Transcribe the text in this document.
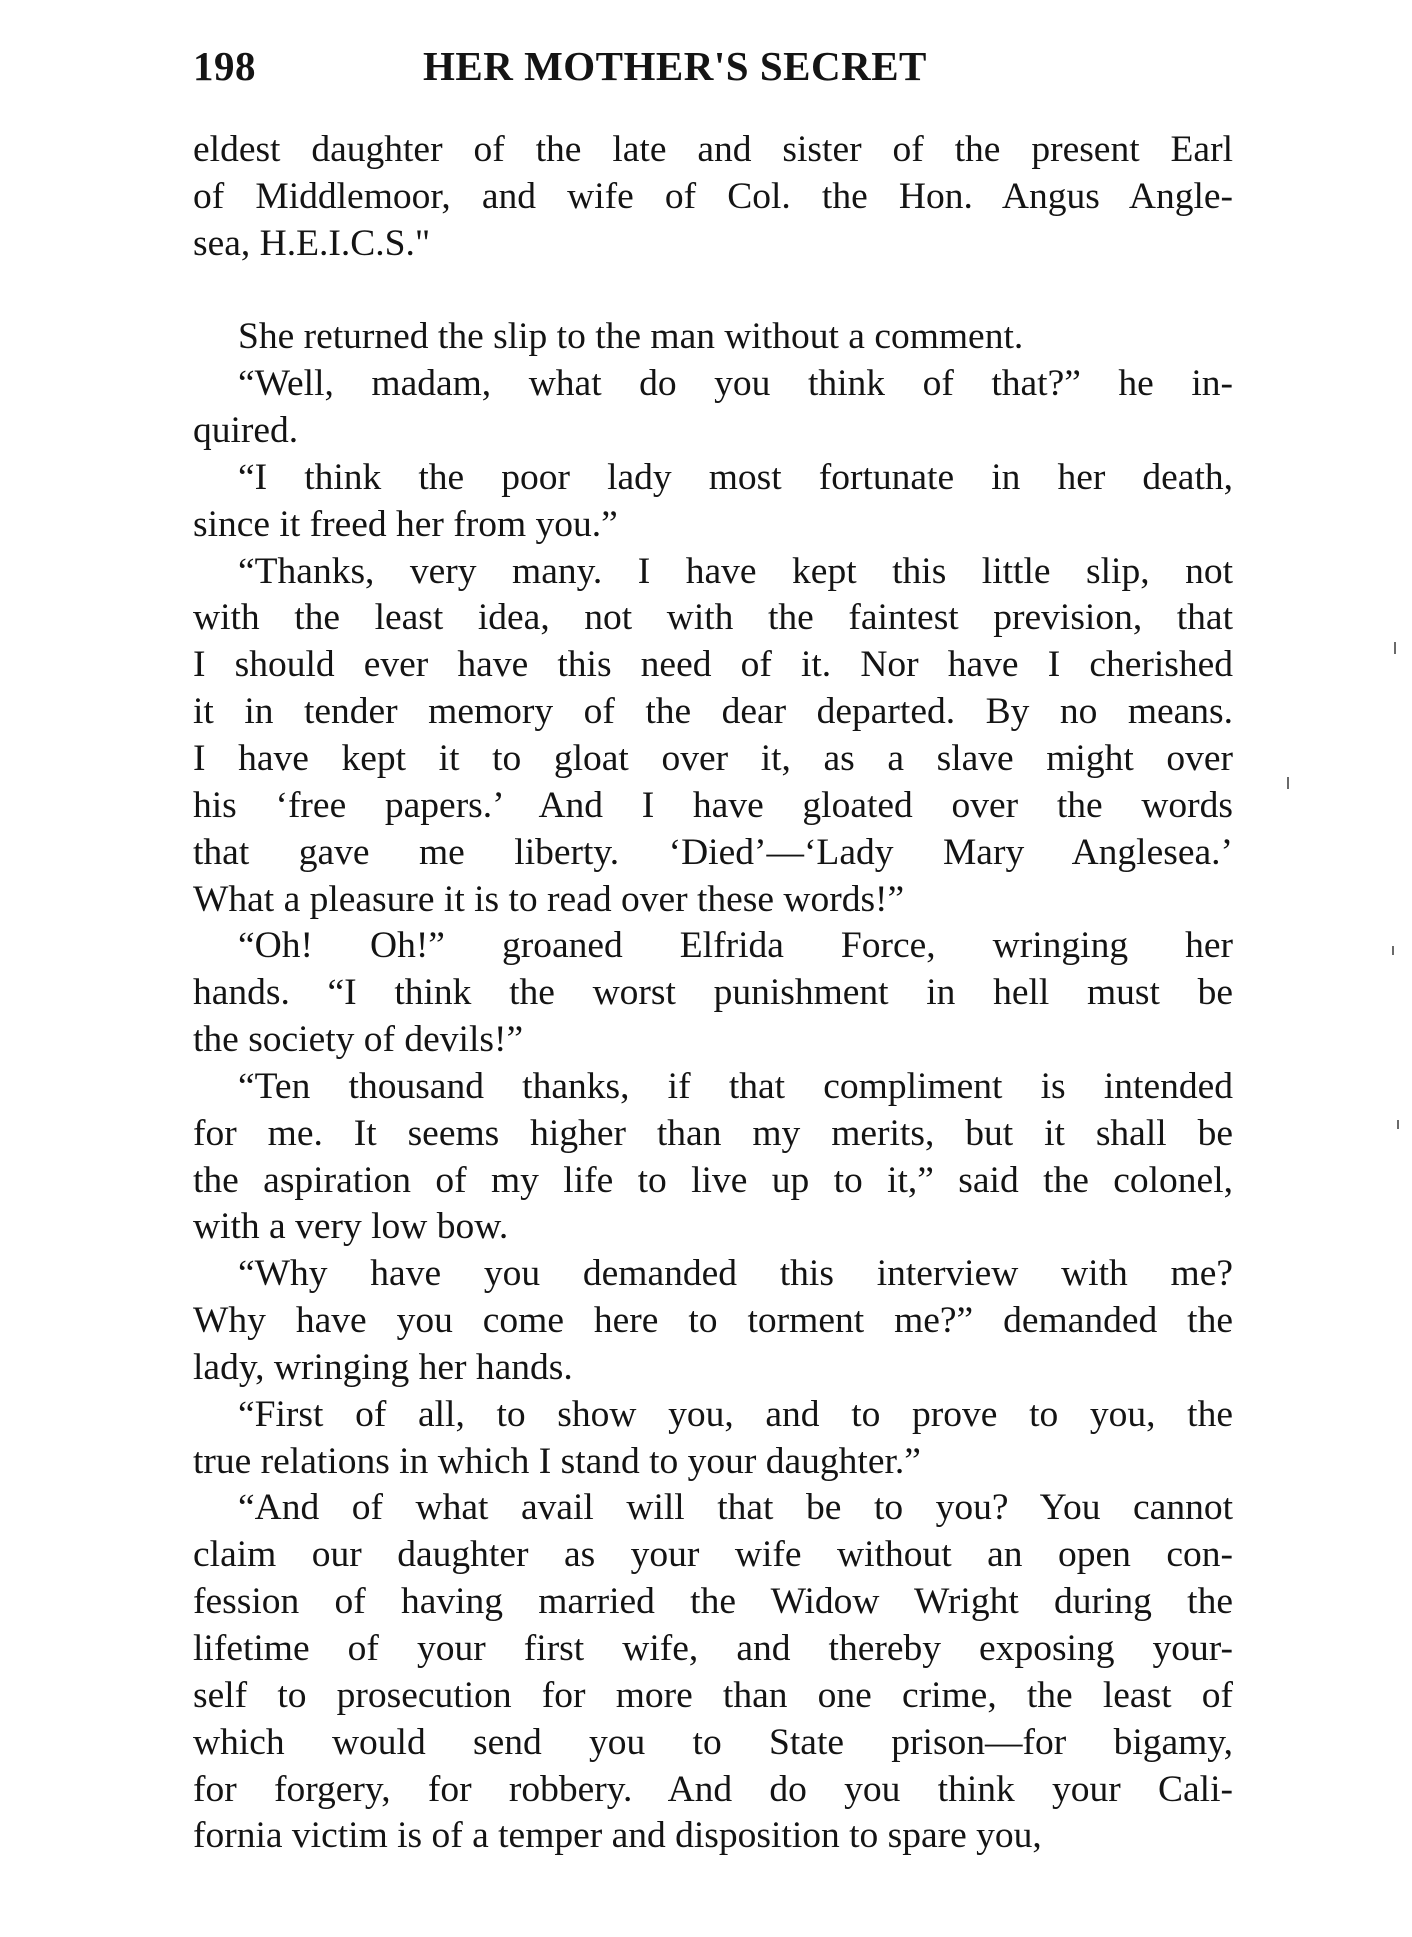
198	HER MOTHER'S SECRET
eldest daughter of the late and sister of the present Earl
of Middlemoor, and wife of Col. the Hon. Angus Angle-
sea, H.E.I.C.S."
She returned the slip to the man without a comment.
“Well, madam, what do you think of that?” he in-
quired.
“I think the poor lady most fortunate in her death,
since it freed her from you.”
“Thanks, very many. I have kept this little slip, not
with the least idea, not with the faintest prevision, that
I should ever have this need of it. Nor have I cherished
it in tender memory of the dear departed. By no means.
I have kept it to gloat over it, as a slave might over
his ‘free papers.’ And I have gloated over the words
that gave me liberty. ‘Died’—‘Lady Mary Anglesea.’
What a pleasure it is to read over these words!”
“Oh! Oh!” groaned Elfrida Force, wringing her
hands. “I think the worst punishment in hell must be
the society of devils!”
“Ten thousand thanks, if that compliment is intended
for me. It seems higher than my merits, but it shall be
the aspiration of my life to live up to it,” said the colonel,
with a very low bow.
“Why have you demanded this interview with me?
Why have you come here to torment me?” demanded the
lady, wringing her hands.
“First of all, to show you, and to prove to you, the
true relations in which I stand to your daughter.”
“And of what avail will that be to you? You cannot
claim our daughter as your wife without an open con-
fession of having married the Widow Wright during the
lifetime of your first wife, and thereby exposing your-
self to prosecution for more than one crime, the least of
which would send you to State prison—for bigamy,
for forgery, for robbery. And do you think your Cali-
fornia victim is of a temper and disposition to spare you,
